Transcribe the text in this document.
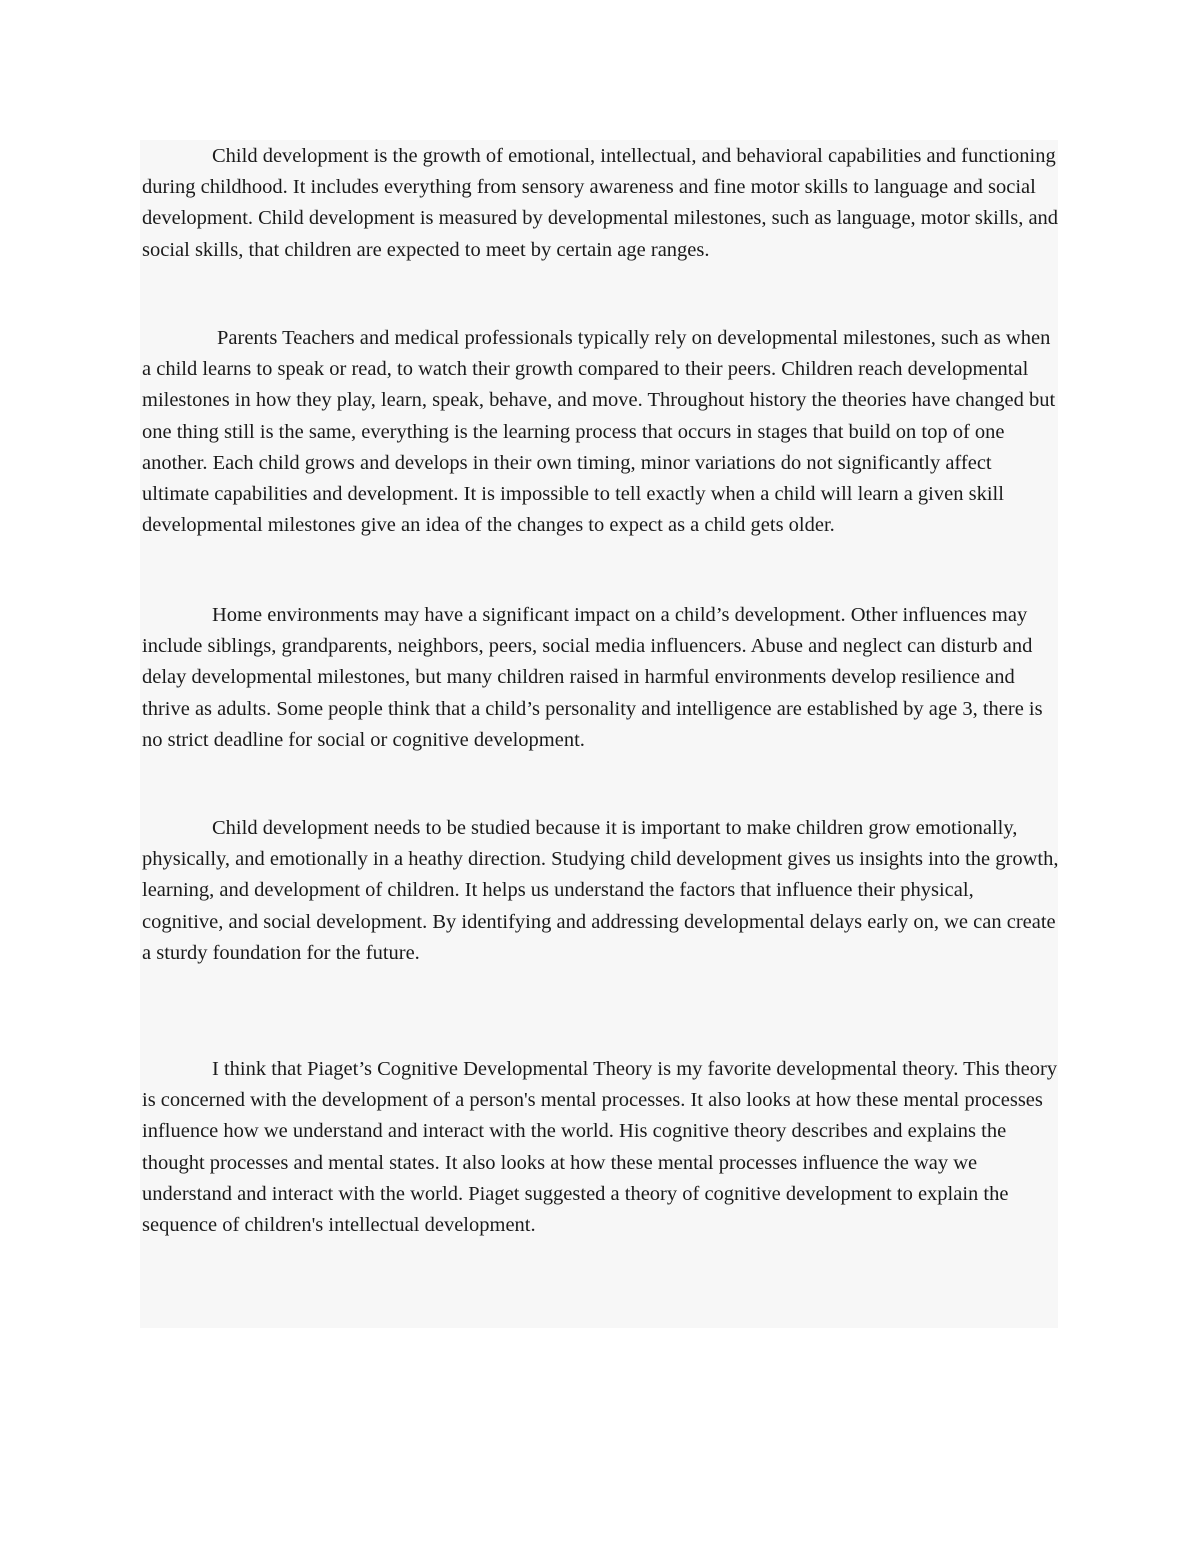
Child development is the growth of emotional, intellectual, and behavioral capabilities and functioning during childhood. It includes everything from sensory awareness and fine motor skills to language and social development. Child development is measured by developmental milestones, such as language, motor skills, and social skills, that children are expected to meet by certain age ranges.

Parents Teachers and medical professionals typically rely on developmental milestones, such as when a child learns to speak or read, to watch their growth compared to their peers. Children reach developmental milestones in how they play, learn, speak, behave, and move. Throughout history the theories have changed but one thing still is the same, everything is the learning process that occurs in stages that build on top of one another. Each child grows and develops in their own timing, minor variations do not significantly affect ultimate capabilities and development. It is impossible to tell exactly when a child will learn a given skill developmental milestones give an idea of the changes to expect as a child gets older.

Home environments may have a significant impact on a child’s development. Other influences may include siblings, grandparents, neighbors, peers, social media influencers. Abuse and neglect can disturb and delay developmental milestones, but many children raised in harmful environments develop resilience and thrive as adults. Some people think that a child’s personality and intelligence are established by age 3, there is no strict deadline for social or cognitive development.

Child development needs to be studied because it is important to make children grow emotionally, physically, and emotionally in a heathy direction. Studying child development gives us insights into the growth, learning, and development of children. It helps us understand the factors that influence their physical, cognitive, and social development. By identifying and addressing developmental delays early on, we can create a sturdy foundation for the future.

I think that Piaget’s Cognitive Developmental Theory is my favorite developmental theory. This theory is concerned with the development of a person's mental processes. It also looks at how these mental processes influence how we understand and interact with the world. His cognitive theory describes and explains the thought processes and mental states. It also looks at how these mental processes influence the way we understand and interact with the world. Piaget suggested a theory of cognitive development to explain the sequence of children's intellectual development.
